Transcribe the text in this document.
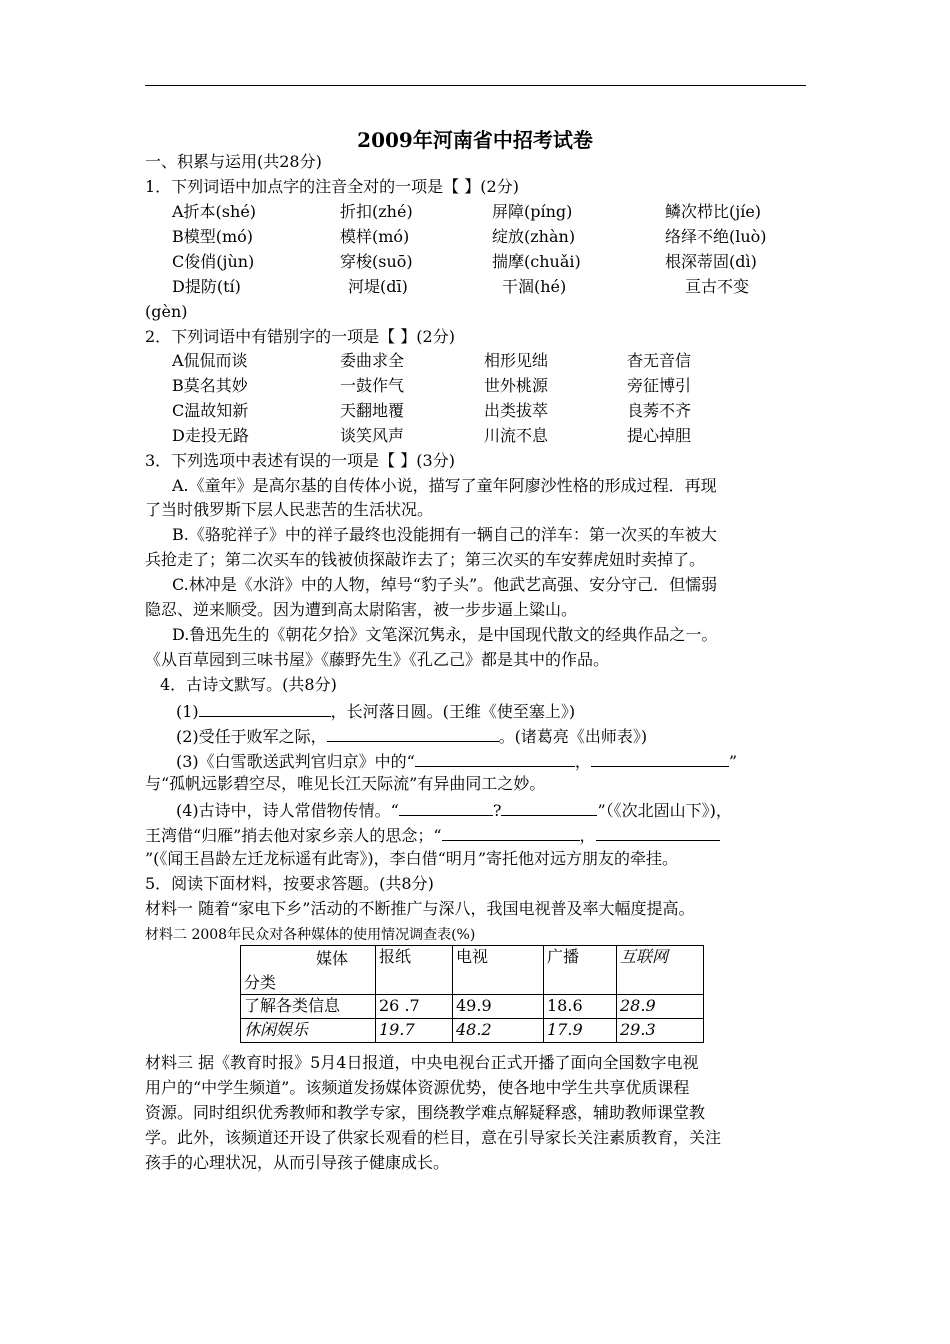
2009年河南省中招考试卷
一、积累与运用(共28分)
1．下列词语中加点字的注音全对的一项是【 】(2分)
A折本(shé)	折扣(zhé)	屏障(píng)	鳞次栉比(jíe)
B模型(mó)	模样(mó)	绽放(zhàn)	络绎不绝(luò)
C俊俏(jùn)	穿梭(suō)	揣摩(chuǎi)	根深蒂固(dì)
D提防(tí)	河堤(dī)	干涸(hé)	亘古不变
(gèn)
2．下列词语中有错别字的一项是【 】(2分)
A侃侃而谈	委曲求全	相形见绌	杳无音信
B莫名其妙	一鼓作气	世外桃源	旁征博引
C温故知新	天翻地覆	出类拔萃	良莠不齐
D走投无路	谈笑风声	川流不息	提心掉胆
3．下列选项中表述有误的一项是【 】(3分)
A.《童年》是高尔基的自传体小说，描写了童年阿廖沙性格的形成过程．再现
了当时俄罗斯下层人民悲苦的生活状况。
B.《骆驼祥子》中的祥子最终也没能拥有一辆自己的洋车：第一次买的车被大
兵抢走了；第二次买车的钱被侦探敲诈去了；第三次买的车安葬虎妞时卖掉了。
C.林冲是《水浒》中的人物，绰号“豹子头”。他武艺高强、安分守己．但懦弱
隐忍、逆来顺受。因为遭到高太尉陷害，被一步步逼上粱山。
D.鲁迅先生的《朝花夕拾》文笔深沉隽永，是中国现代散文的经典作品之一。
《从百草园到三味书屋》《藤野先生》《孔乙己》都是其中的作品。
4．古诗文默写。(共8分)
(1)	，长河落日圆。(王维《使至塞上》)
(2)受任于败军之际，	。(诸葛亮《出师表》)
(3)《白雪歌送武判官归京》中的“	，	”
与“孤帆远影碧空尽，唯见长江天际流”有异曲同工之妙。
(4)古诗中，诗人常借物传情。“	?	”（《次北固山下》)，
王湾借“归雁”捎去他对家乡亲人的思念；“	，
”(《闻王昌龄左迁龙标遥有此寄》)，李白借“明月”寄托他对远方朋友的牵挂。
5．阅读下面材料，按要求答题。(共8分)
材料一 随着“家电下乡”活动的不断推广与深八，我国电视普及率大幅度提高。
材料二 2008年民众对各种媒体的使用情况调查表(%)
媒体
分类	报纸	电视	广播	互联网
了解各类信息	26 .7	49.9	18.6	28.9
休闲娱乐	19.7	48.2	17.9	29.3
材料三 据《教育时报》5月4日报道，中央电视台正式开播了面向全国数字电视
用户的“中学生频道”。该频道发扬媒体资源优势，使各地中学生共享优质课程
资源。同时组织优秀教师和教学专家，围绕教学难点解疑释惑，辅助教师课堂教
学。此外，该频道还开设了供家长观看的栏目，意在引导家长关注素质教育，关注
孩手的心理状况，从而引导孩子健康成长。
